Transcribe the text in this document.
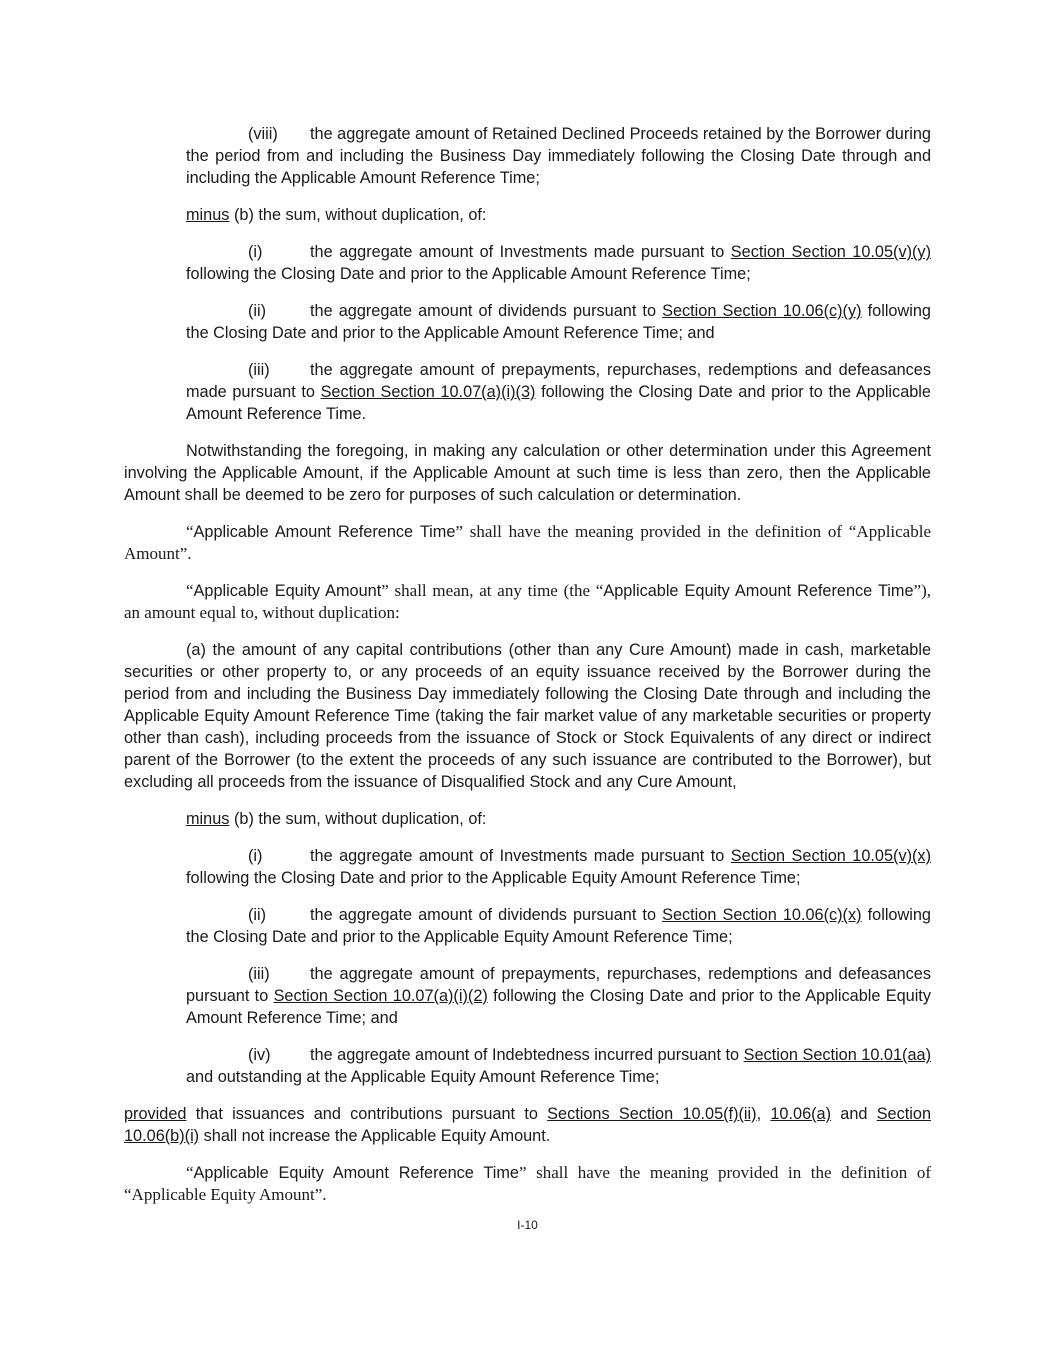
(viii) the aggregate amount of Retained Declined Proceeds retained by the Borrower during the period from and including the Business Day immediately following the Closing Date through and including the Applicable Amount Reference Time;

minus (b) the sum, without duplication, of:

(i)	the aggregate amount of Investments made pursuant to Section Section 10.05(v)(y) following the Closing Date and prior to the Applicable Amount Reference Time;

(ii)	the aggregate amount of dividends pursuant to Section Section 10.06(c)(y) following the Closing Date and prior to the Applicable Amount Reference Time; and

(iii) the aggregate amount of prepayments, repurchases, redemptions and defeasances made pursuant to Section Section 10.07(a)(i)(3) following the Closing Date and prior to the Applicable Amount Reference Time.

Notwithstanding the foregoing, in making any calculation or other determination under this Agreement involving the Applicable Amount, if the Applicable Amount at such time is less than zero, then the Applicable Amount shall be deemed to be zero for purposes of such calculation or determination.

“Applicable Amount Reference Time” shall have the meaning provided in the definition of “Applicable Amount”.

“Applicable Equity Amount” shall mean, at any time (the “Applicable Equity Amount Reference Time”), an amount equal to, without duplication:

(a) the amount of any capital contributions (other than any Cure Amount) made in cash, marketable securities or other property to, or any proceeds of an equity issuance received by the Borrower during the period from and including the Business Day immediately following the Closing Date through and including the Applicable Equity Amount Reference Time (taking the fair market value of any marketable securities or property other than cash), including proceeds from the issuance of Stock or Stock Equivalents of any direct or indirect parent of the Borrower (to the extent the proceeds of any such issuance are contributed to the Borrower), but excluding all proceeds from the issuance of Disqualified Stock and any Cure Amount,

minus (b) the sum, without duplication, of:

(i)	the aggregate amount of Investments made pursuant to Section Section 10.05(v)(x) following the Closing Date and prior to the Applicable Equity Amount Reference Time;

(ii)	the aggregate amount of dividends pursuant to Section Section 10.06(c)(x) following the Closing Date and prior to the Applicable Equity Amount Reference Time;

(iii) the aggregate amount of prepayments, repurchases, redemptions and defeasances pursuant to Section Section 10.07(a)(i)(2) following the Closing Date and prior to the Applicable Equity Amount Reference Time; and

(iv) the aggregate amount of Indebtedness incurred pursuant to Section Section 10.01(aa) and outstanding at the Applicable Equity Amount Reference Time;

provided that issuances and contributions pursuant to Sections Section 10.05(f)(ii), 10.06(a) and Section 10.06(b)(i) shall not increase the Applicable Equity Amount.

“Applicable Equity Amount Reference Time” shall have the meaning provided in the definition of “Applicable Equity Amount”.

I-10
